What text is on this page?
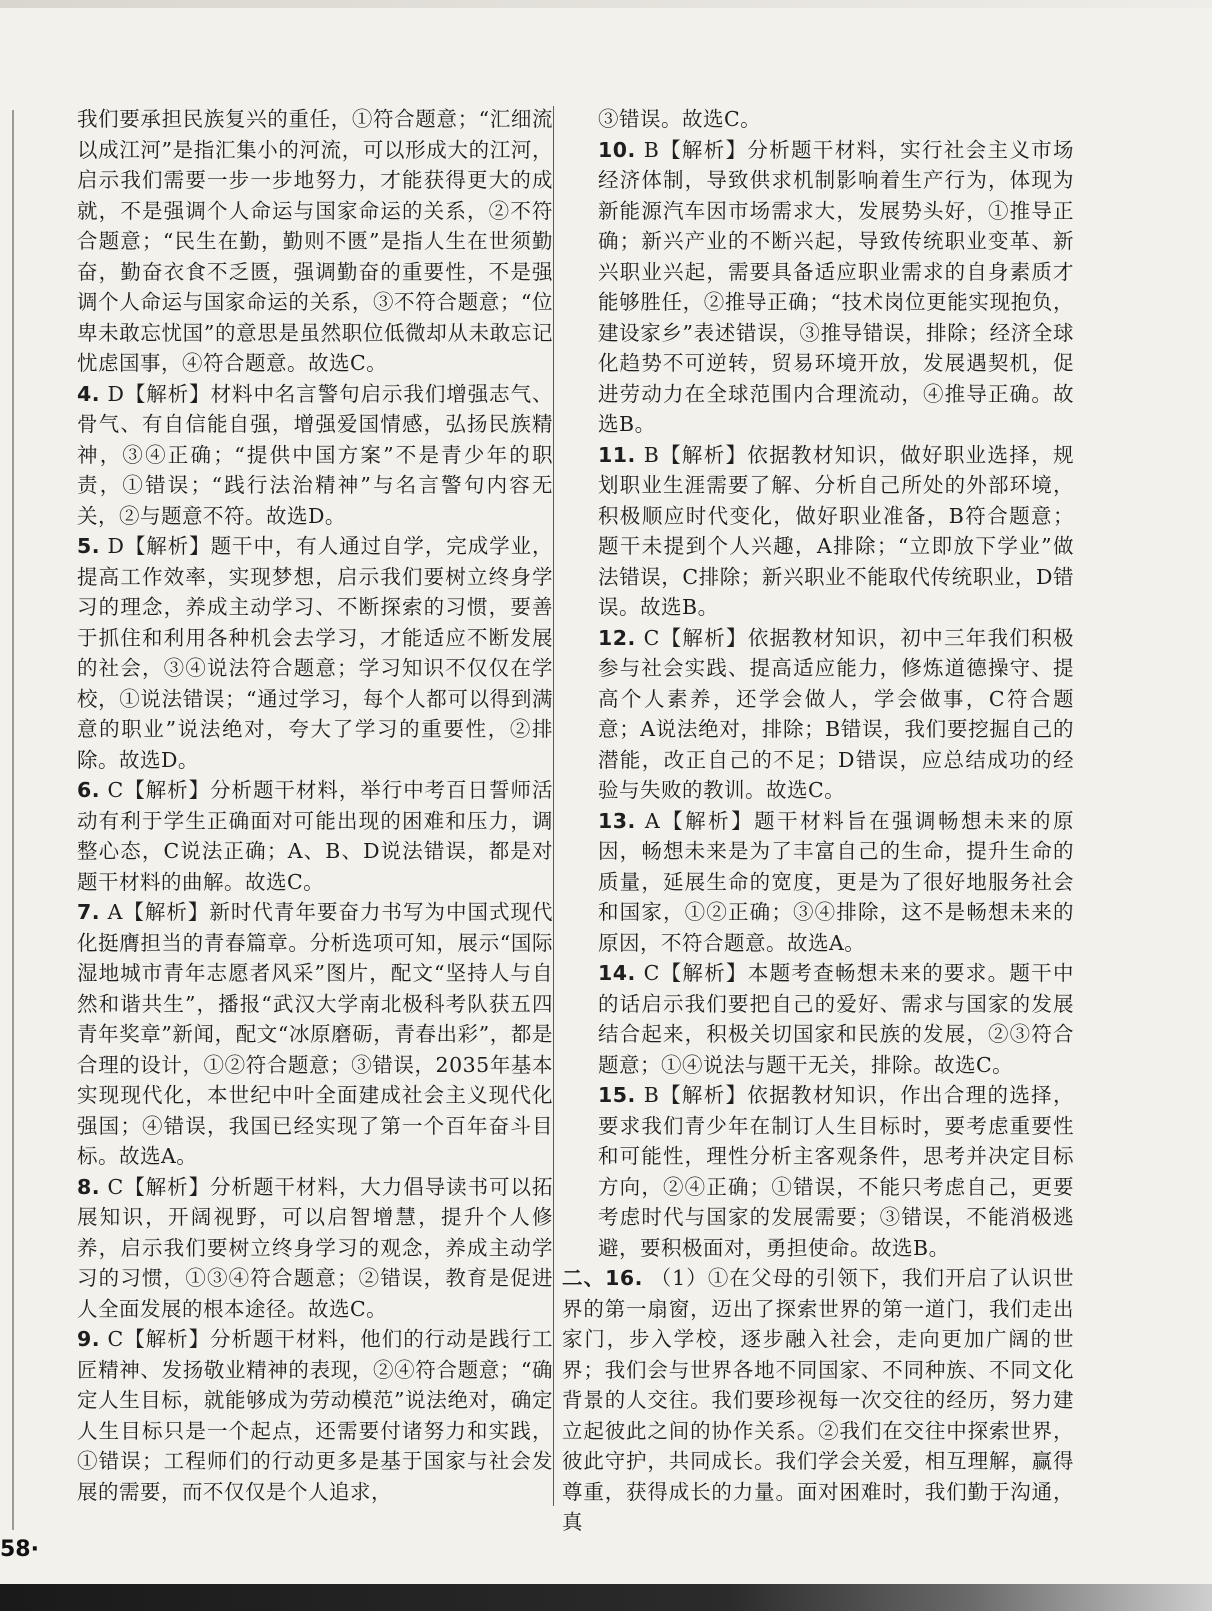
我们要承担民族复兴的重任，①符合题意；“汇细流以成江河”是指汇集小的河流，可以形成大的江河，启示我们需要一步一步地努力，才能获得更大的成就，不是强调个人命运与国家命运的关系，②不符合题意；“民生在勤，勤则不匮”是指人生在世须勤奋，勤奋衣食不乏匮，强调勤奋的重要性，不是强调个人命运与国家命运的关系，③不符合题意；“位卑未敢忘忧国”的意思是虽然职位低微却从未敢忘记忧虑国事，④符合题意。故选C。

4. D【解析】材料中名言警句启示我们增强志气、骨气、有自信能自强，增强爱国情感，弘扬民族精神，③④正确；“提供中国方案”不是青少年的职责，①错误；“践行法治精神”与名言警句内容无关，②与题意不符。故选D。

5. D【解析】题干中，有人通过自学，完成学业，提高工作效率，实现梦想，启示我们要树立终身学习的理念，养成主动学习、不断探索的习惯，要善于抓住和利用各种机会去学习，才能适应不断发展的社会，③④说法符合题意；学习知识不仅仅在学校，①说法错误；“通过学习，每个人都可以得到满意的职业”说法绝对，夸大了学习的重要性，②排除。故选D。

6. C【解析】分析题干材料，举行中考百日誓师活动有利于学生正确面对可能出现的困难和压力，调整心态，C说法正确；A、B、D说法错误，都是对题干材料的曲解。故选C。

7. A【解析】新时代青年要奋力书写为中国式现代化挺膺担当的青春篇章。分析选项可知，展示“国际湿地城市青年志愿者风采”图片，配文“坚持人与自然和谐共生”，播报“武汉大学南北极科考队获五四青年奖章”新闻，配文“冰原磨砺，青春出彩”，都是合理的设计，①②符合题意；③错误，2035年基本实现现代化，本世纪中叶全面建成社会主义现代化强国；④错误，我国已经实现了第一个百年奋斗目标。故选A。

8. C【解析】分析题干材料，大力倡导读书可以拓展知识，开阔视野，可以启智增慧，提升个人修养，启示我们要树立终身学习的观念，养成主动学习的习惯，①③④符合题意；②错误，教育是促进人全面发展的根本途径。故选C。

9. C【解析】分析题干材料，他们的行动是践行工匠精神、发扬敬业精神的表现，②④符合题意；“确定人生目标，就能够成为劳动模范”说法绝对，确定人生目标只是一个起点，还需要付诸努力和实践，①错误；工程师们的行动更多是基于国家与社会发展的需要，而不仅仅是个人追求，

③错误。故选C。

10. B【解析】分析题干材料，实行社会主义市场经济体制，导致供求机制影响着生产行为，体现为新能源汽车因市场需求大，发展势头好，①推导正确；新兴产业的不断兴起，导致传统职业变革、新兴职业兴起，需要具备适应职业需求的自身素质才能够胜任，②推导正确；“技术岗位更能实现抱负，建设家乡”表述错误，③推导错误，排除；经济全球化趋势不可逆转，贸易环境开放，发展遇契机，促进劳动力在全球范围内合理流动，④推导正确。故选B。

11. B【解析】依据教材知识，做好职业选择，规划职业生涯需要了解、分析自己所处的外部环境，积极顺应时代变化，做好职业准备，B符合题意；题干未提到个人兴趣，A排除；“立即放下学业”做法错误，C排除；新兴职业不能取代传统职业，D错误。故选B。

12. C【解析】依据教材知识，初中三年我们积极参与社会实践、提高适应能力，修炼道德操守、提高个人素养，还学会做人，学会做事，C符合题意；A说法绝对，排除；B错误，我们要挖掘自己的潜能，改正自己的不足；D错误，应总结成功的经验与失败的教训。故选C。

13. A【解析】题干材料旨在强调畅想未来的原因，畅想未来是为了丰富自己的生命，提升生命的质量，延展生命的宽度，更是为了很好地服务社会和国家，①②正确；③④排除，这不是畅想未来的原因，不符合题意。故选A。

14. C【解析】本题考查畅想未来的要求。题干中的话启示我们要把自己的爱好、需求与国家的发展结合起来，积极关切国家和民族的发展，②③符合题意；①④说法与题干无关，排除。故选C。

15. B【解析】依据教材知识，作出合理的选择，要求我们青少年在制订人生目标时，要考虑重要性和可能性，理性分析主客观条件，思考并决定目标方向，②④正确；①错误，不能只考虑自己，更要考虑时代与国家的发展需要；③错误，不能消极逃避，要积极面对，勇担使命。故选B。

二、16. （1）①在父母的引领下，我们开启了认识世界的第一扇窗，迈出了探索世界的第一道门，我们走出家门，步入学校，逐步融入社会，走向更加广阔的世界；我们会与世界各地不同国家、不同种族、不同文化背景的人交往。我们要珍视每一次交往的经历，努力建立起彼此之间的协作关系。②我们在交往中探索世界，彼此守护，共同成长。我们学会关爱，相互理解，赢得尊重，获得成长的力量。面对困难时，我们勤于沟通，真

58·
